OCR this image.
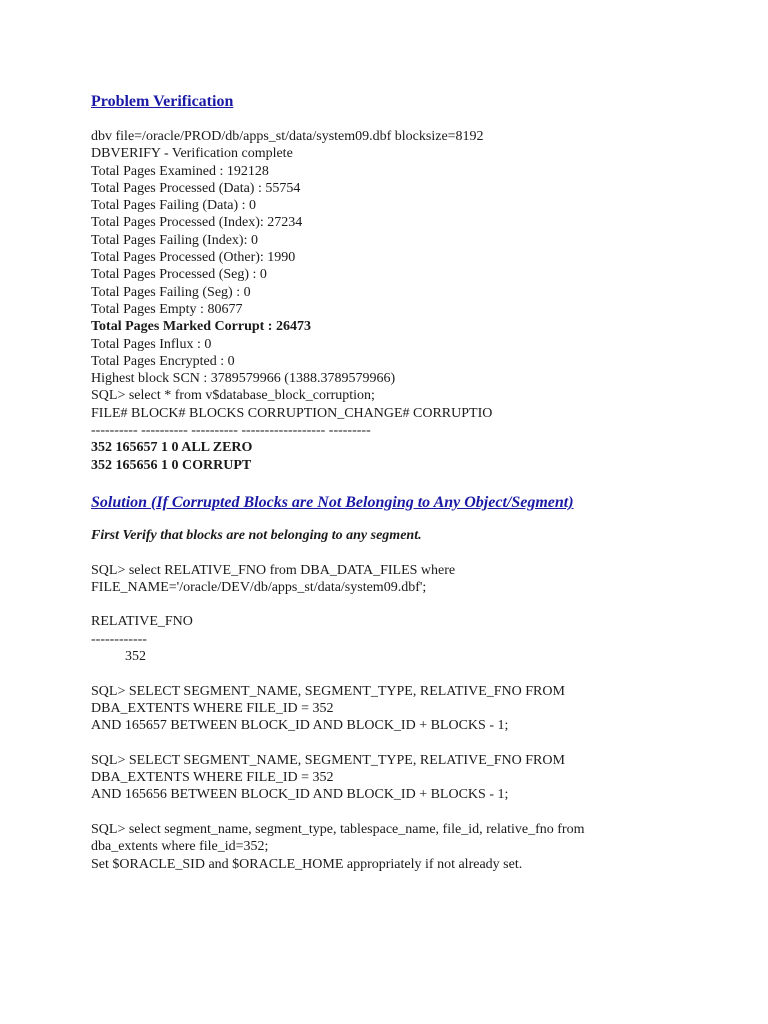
Problem Verification

dbv file=/oracle/PROD/db/apps_st/data/system09.dbf blocksize=8192

DBVERIFY - Verification complete

Total Pages Examined : 192128

Total Pages Processed (Data) : 55754

Total Pages Failing (Data) : 0

Total Pages Processed (Index): 27234

Total Pages Failing (Index): 0

Total Pages Processed (Other): 1990

Total Pages Processed (Seg) : 0

Total Pages Failing (Seg) : 0

Total Pages Empty : 80677

Total Pages Marked Corrupt : 26473

Total Pages Influx : 0

Total Pages Encrypted : 0

Highest block SCN : 3789579966 (1388.3789579966)

SQL> select * from v$database_block_corruption;

FILE# BLOCK# BLOCKS CORRUPTION_CHANGE# CORRUPTIO

---------- ---------- ---------- ------------------ ---------

352 165657 1 0 ALL ZERO

352 165656 1 0 CORRUPT

Solution (If Corrupted Blocks are Not Belonging to Any Object/Segment)

First Verify that blocks are not belonging to any segment.

SQL> select RELATIVE_FNO from DBA_DATA_FILES where

FILE_NAME='/oracle/DEV/db/apps_st/data/system09.dbf';

RELATIVE_FNO

------------

352

SQL> SELECT SEGMENT_NAME, SEGMENT_TYPE, RELATIVE_FNO FROM

DBA_EXTENTS WHERE FILE_ID = 352

AND 165657 BETWEEN BLOCK_ID AND BLOCK_ID + BLOCKS - 1;

SQL> SELECT SEGMENT_NAME, SEGMENT_TYPE, RELATIVE_FNO FROM

DBA_EXTENTS WHERE FILE_ID = 352

AND 165656 BETWEEN BLOCK_ID AND BLOCK_ID + BLOCKS - 1;

SQL> select segment_name, segment_type, tablespace_name, file_id, relative_fno from

dba_extents where file_id=352;

Set $ORACLE_SID and $ORACLE_HOME appropriately if not already set.
